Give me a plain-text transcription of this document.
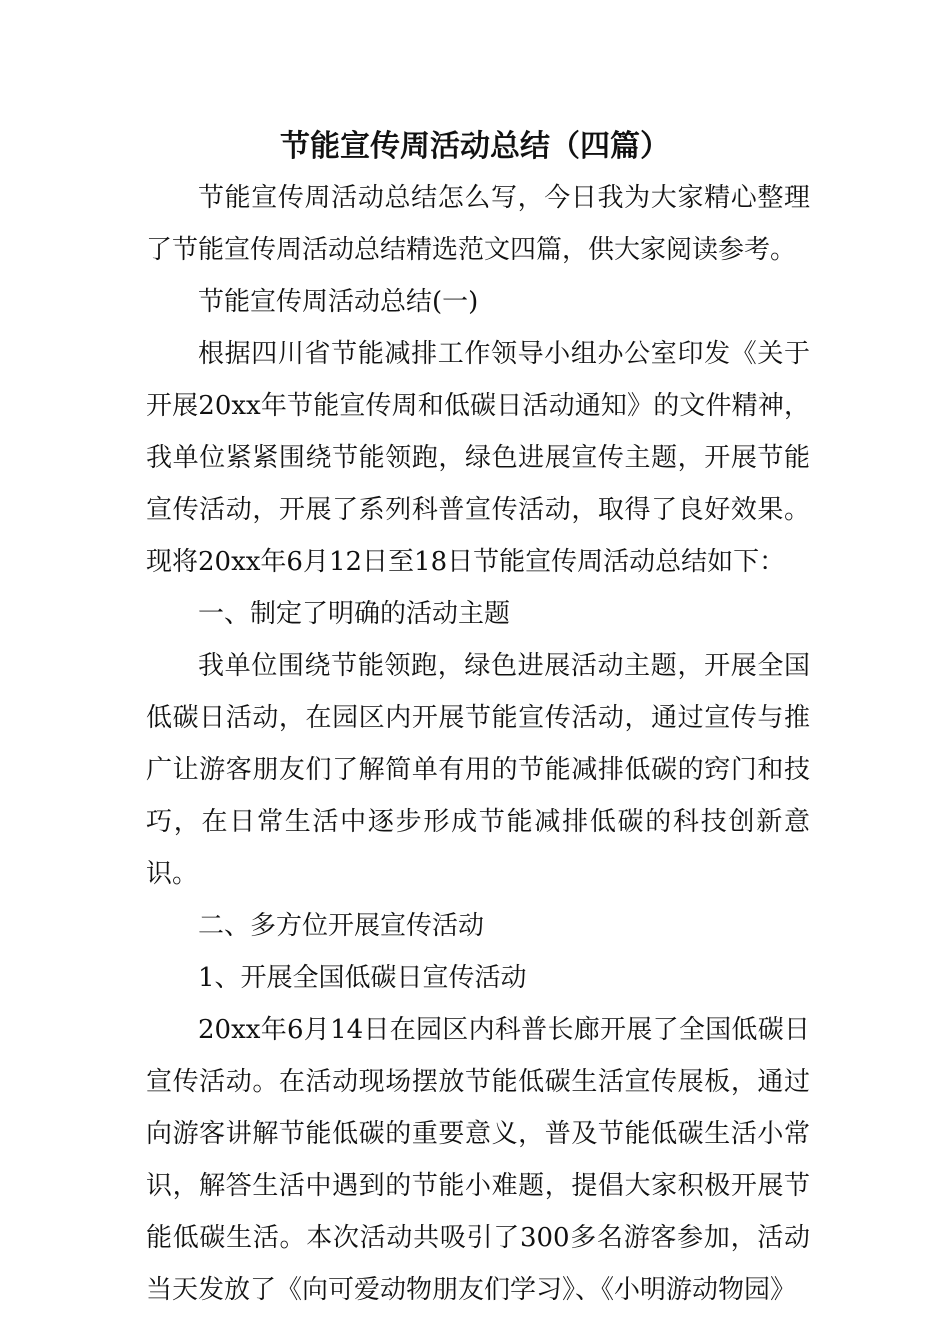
节能宣传周活动总结（四篇）

节能宣传周活动总结怎么写，今日我为大家精心整理了节能宣传周活动总结精选范文四篇，供大家阅读参考。

节能宣传周活动总结(一)

根据四川省节能减排工作领导小组办公室印发《关于开展20xx年节能宣传周和低碳日活动通知》的文件精神，我单位紧紧围绕节能领跑，绿色进展宣传主题，开展节能宣传活动，开展了系列科普宣传活动，取得了良好效果。现将20xx年6月12日至18日节能宣传周活动总结如下：

一、制定了明确的活动主题

我单位围绕节能领跑，绿色进展活动主题，开展全国低碳日活动，在园区内开展节能宣传活动，通过宣传与推广让游客朋友们了解简单有用的节能减排低碳的窍门和技巧，在日常生活中逐步形成节能减排低碳的科技创新意识。

二、多方位开展宣传活动

1、开展全国低碳日宣传活动

20xx年6月14日在园区内科普长廊开展了全国低碳日宣传活动。在活动现场摆放节能低碳生活宣传展板，通过向游客讲解节能低碳的重要意义，普及节能低碳生活小常识，解答生活中遇到的节能小难题，提倡大家积极开展节能低碳生活。本次活动共吸引了300多名游客参加，活动当天发放了《向可爱动物朋友们学习》、《小明游动物园》
